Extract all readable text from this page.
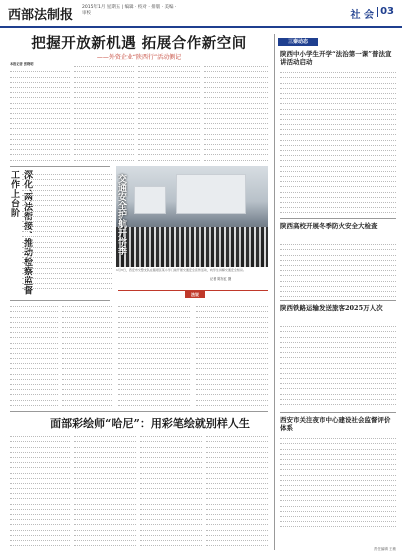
西部法制报
2015年1月 星期五 | 编辑 · 校对 · 排版 · 美编 · 审校	社 会 03
把握开放新机遇 拓展合作新空间
——外资企业“陕西行”活动侧记
本报记者 张晓明
深化‘两法衔接’ 推动检察监督工作上台阶	交通安全护航开学季
1月3日，西安市交警支队在雁塔区某小学门前开展交通安全宣传活动，向学生讲解交通安全知识。
记者 陈东红 摄
法说
面部彩绘师“哈尼”：用彩笔绘就别样人生
三秦动态
陕西中小学生开学“法治第一课”普法宣讲活动启动
陕西高校开展冬季防火安全大检查
陕西铁路运输发送旅客2025万人次
西安市关注夜市中心建设社会监督评价体系
责任编辑 王敏
